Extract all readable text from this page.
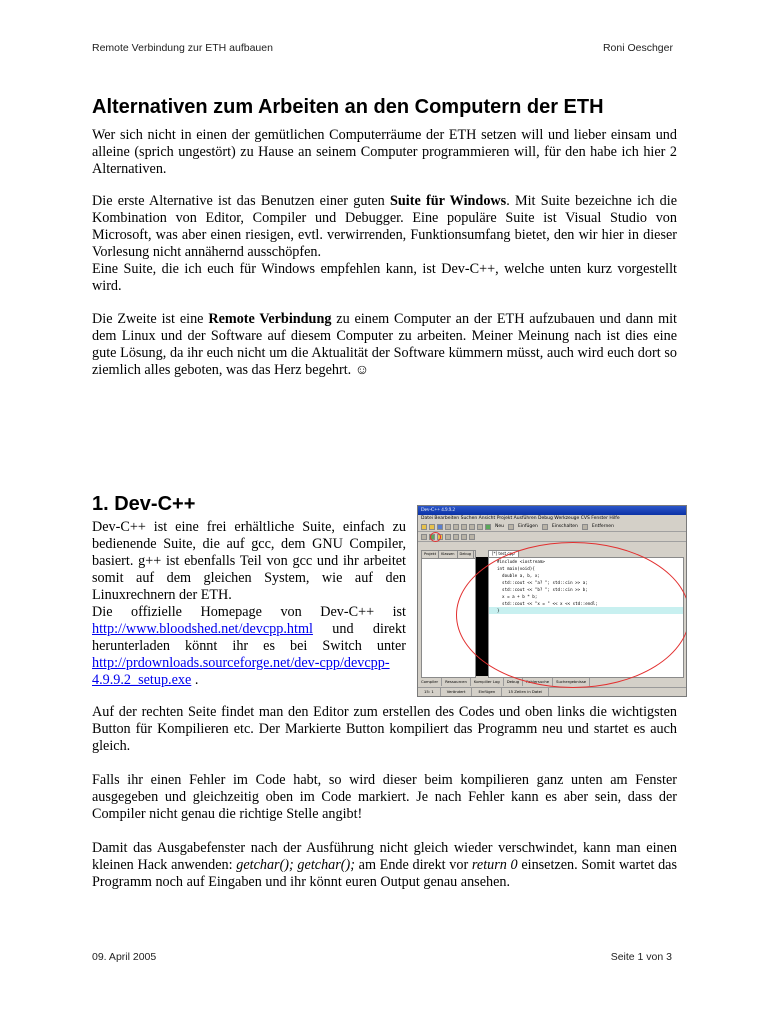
Remote Verbindung zur ETH aufbauen	Roni Oeschger
Alternativen zum Arbeiten an den Computern der ETH

Wer sich nicht in einen der gemütlichen Computerräume der ETH setzen will und lieber einsam und alleine (sprich ungestört) zu Hause an seinem Computer programmieren will, für den habe ich hier 2 Alternativen.

Die erste Alternative ist das Benutzen einer guten Suite für Windows. Mit Suite bezeichne ich die Kombination von Editor, Compiler und Debugger. Eine populäre Suite ist Visual Studio von Microsoft, was aber einen riesigen, evtl. verwirrenden, Funktionsumfang bietet, den wir hier in dieser Vorlesung nicht annähernd ausschöpfen.
Eine Suite, die ich euch für Windows empfehlen kann, ist Dev-C++, welche unten kurz vorgestellt wird.

Die Zweite ist eine Remote Verbindung zu einem Computer an der ETH aufzubauen und dann mit dem Linux und der Software auf diesem Computer zu arbeiten. Meiner Meinung nach ist dies eine gute Lösung, da ihr euch nicht um die Aktualität der Software kümmern müsst, auch wird euch dort so ziemlich alles geboten, was das Herz begehrt. ☺

1. Dev-C++

Dev-C++ ist eine frei erhältliche Suite, einfach zu bedienende Suite, die auf gcc, dem GNU Compiler, basiert. g++ ist ebenfalls Teil von gcc und ihr arbeitet somit auf dem gleichen System, wie auf den Linuxrechnern der ETH.
Die offizielle Homepage von Dev-C++ ist http://www.bloodshed.net/devcpp.html und direkt herunterladen könnt ihr es bei Switch unter http://prdownloads.sourceforge.net/dev-cpp/devcpp-4.9.9.2_setup.exe .

Dev-C++ 4.9.9.2
Datei Bearbeiten Suchen Ansicht Projekt Ausführen Debug Werkzeuge CVS Fenster Hilfe
Neu	Einfügen	Einschalten	Entfernen
Projekt	Klassen	Debug	[*] test.cpp
#include <iostream>
int main(void){
double a, b, x;
std::cout << "a? "; std::cin >> a;
std::cout << "b? "; std::cin >> b;
x = a + b * b;
std::cout << "x = " << x << std::endl;
}
Compiler	Ressourcen	Kompilier Log	Debug	Fehlersuche	Suchergebnisse
15: 1	Verändert	Einfügen	15 Zeilen in Datei

Auf der rechten Seite findet man den Editor zum erstellen des Codes und oben links die wichtigsten Button für Kompilieren etc. Der Markierte Button kompiliert das Programm neu und startet es auch gleich.

Falls ihr einen Fehler im Code habt, so wird dieser beim kompilieren ganz unten am Fenster ausgegeben und gleichzeitig oben im Code markiert. Je nach Fehler kann es aber sein, dass der Compiler nicht genau die richtige Stelle angibt!

Damit das Ausgabefenster nach der Ausführung nicht gleich wieder verschwindet, kann man einen kleinen Hack anwenden: getchar(); getchar(); am Ende direkt vor return 0 einsetzen. Somit wartet das Programm noch auf Eingaben und ihr könnt euren Output genau ansehen.

09. April 2005	Seite 1 von 3
